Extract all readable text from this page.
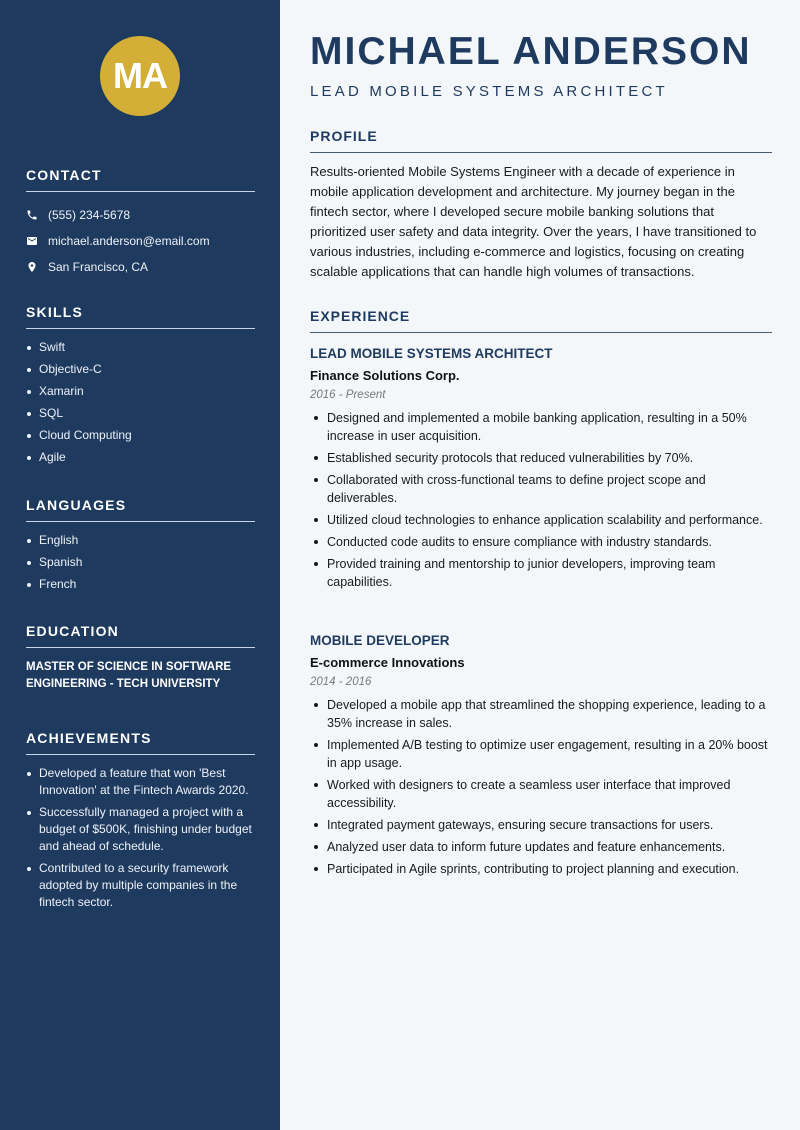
MA
CONTACT
(555) 234-5678
michael.anderson@email.com
San Francisco, CA
SKILLS
Swift
Objective-C
Xamarin
SQL
Cloud Computing
Agile
LANGUAGES
English
Spanish
French
EDUCATION

MASTER OF SCIENCE IN SOFTWARE ENGINEERING - TECH UNIVERSITY

ACHIEVEMENTS
Developed a feature that won 'Best Innovation' at the Fintech Awards 2020.
Successfully managed a project with a budget of $500K, finishing under budget and ahead of schedule.
Contributed to a security framework adopted by multiple companies in the fintech sector.
MICHAEL ANDERSON
LEAD MOBILE SYSTEMS ARCHITECT
PROFILE

Results-oriented Mobile Systems Engineer with a decade of experience in mobile application development and architecture. My journey began in the fintech sector, where I developed secure mobile banking solutions that prioritized user safety and data integrity. Over the years, I have transitioned to various industries, including e-commerce and logistics, focusing on creating scalable applications that can handle high volumes of transactions.

EXPERIENCE
LEAD MOBILE SYSTEMS ARCHITECT
Finance Solutions Corp.
2016 - Present
Designed and implemented a mobile banking application, resulting in a 50% increase in user acquisition.
Established security protocols that reduced vulnerabilities by 70%.
Collaborated with cross-functional teams to define project scope and deliverables.
Utilized cloud technologies to enhance application scalability and performance.
Conducted code audits to ensure compliance with industry standards.
Provided training and mentorship to junior developers, improving team capabilities.
MOBILE DEVELOPER
E-commerce Innovations
2014 - 2016
Developed a mobile app that streamlined the shopping experience, leading to a 35% increase in sales.
Implemented A/B testing to optimize user engagement, resulting in a 20% boost in app usage.
Worked with designers to create a seamless user interface that improved accessibility.
Integrated payment gateways, ensuring secure transactions for users.
Analyzed user data to inform future updates and feature enhancements.
Participated in Agile sprints, contributing to project planning and execution.
